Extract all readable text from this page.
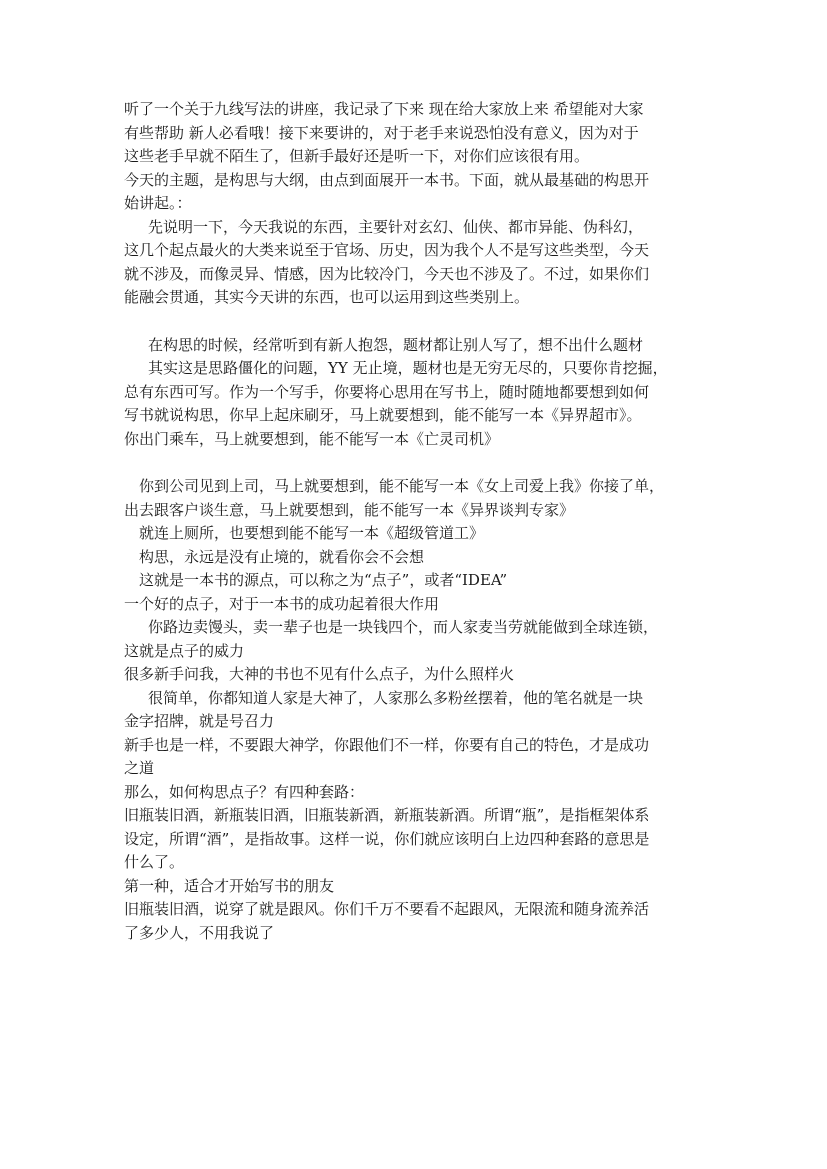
听了一个关于九线写法的讲座，我记录了下来 现在给大家放上来 希望能对大家
有些帮助 新人必看哦！接下来要讲的，对于老手来说恐怕没有意义，因为对于
这些老手早就不陌生了，但新手最好还是听一下，对你们应该很有用。
今天的主题，是构思与大纲，由点到面展开一本书。下面，就从最基础的构思开
始讲起。：
先说明一下，今天我说的东西，主要针对玄幻、仙侠、都市异能、伪科幻，
这几个起点最火的大类来说至于官场、历史，因为我个人不是写这些类型，今天
就不涉及，而像灵异、情感，因为比较冷门，今天也不涉及了。不过，如果你们
能融会贯通，其实今天讲的东西，也可以运用到这些类别上。
在构思的时候，经常听到有新人抱怨，题材都让别人写了，想不出什么题材
其实这是思路僵化的问题，YY 无止境，题材也是无穷无尽的，只要你肯挖掘，
总有东西可写。作为一个写手，你要将心思用在写书上，随时随地都要想到如何
写书就说构思，你早上起床刷牙，马上就要想到，能不能写一本《异界超市》。
你出门乘车，马上就要想到，能不能写一本《亡灵司机》
你到公司见到上司，马上就要想到，能不能写一本《女上司爱上我》你接了单，
出去跟客户谈生意，马上就要想到，能不能写一本《异界谈判专家》
就连上厕所，也要想到能不能写一本《超级管道工》
构思，永远是没有止境的，就看你会不会想
这就是一本书的源点，可以称之为“点子”，或者“IDEA”
一个好的点子，对于一本书的成功起着很大作用
你路边卖馒头，卖一辈子也是一块钱四个，而人家麦当劳就能做到全球连锁，
这就是点子的威力
很多新手问我，大神的书也不见有什么点子，为什么照样火
很简单，你都知道人家是大神了，人家那么多粉丝摆着，他的笔名就是一块
金字招牌，就是号召力
新手也是一样，不要跟大神学，你跟他们不一样，你要有自己的特色，才是成功
之道
那么，如何构思点子？有四种套路：
旧瓶装旧酒，新瓶装旧酒，旧瓶装新酒，新瓶装新酒。所谓“瓶”，是指框架体系
设定，所谓“酒”，是指故事。这样一说，你们就应该明白上边四种套路的意思是
什么了。
第一种，适合才开始写书的朋友
旧瓶装旧酒，说穿了就是跟风。你们千万不要看不起跟风，无限流和随身流养活
了多少人，不用我说了
